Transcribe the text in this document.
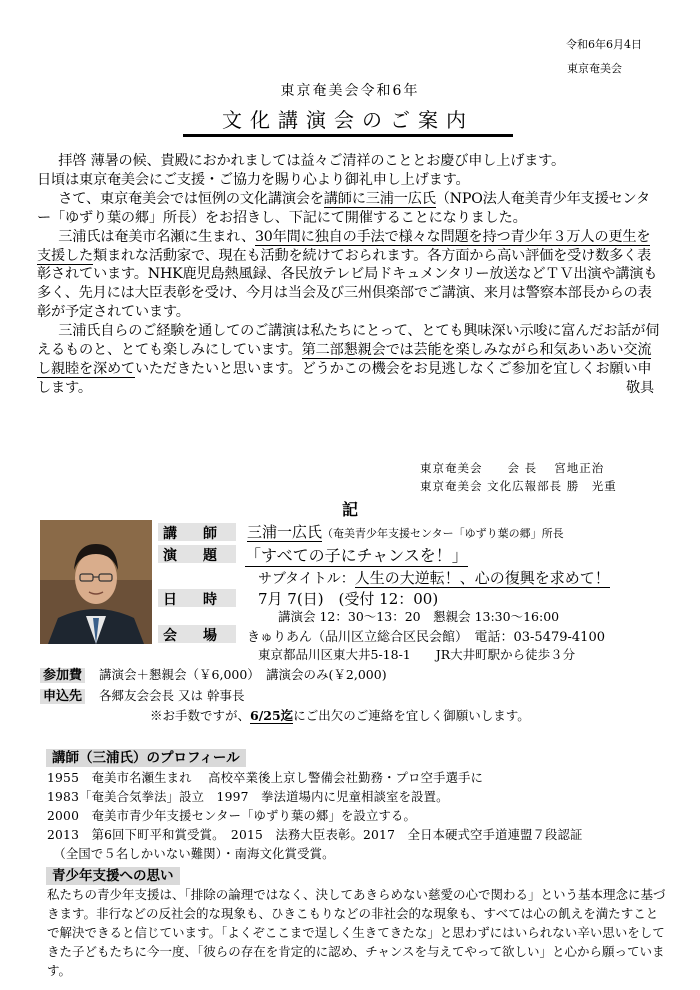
令和6年6月4日
東京奄美会
東京奄美会令和6年
文化講演会のご案内

拝啓 薄暑の候、貴殿におかれましては益々ご清祥のこととお慶び申し上げます。

日頃は東京奄美会にご支援・ご協力を賜り心より御礼申し上げます。

さて、東京奄美会では恒例の文化講演会を講師に三浦一広氏（NPO法人奄美青少年支援センター「ゆずり葉の郷」所長）をお招きし、下記にて開催することになりました。

三浦氏は奄美市名瀬に生まれ、30年間に独自の手法で様々な問題を持つ青少年３万人の更生を支援した類まれな活動家で、現在も活動を続けておられます。各方面から高い評価を受け数多く表彰されています。NHK鹿児島熱風録、各民放テレビ局ドキュメンタリー放送などＴＶ出演や講演も多く、先月には大臣表彰を受け、今月は当会及び三州倶楽部でご講演、来月は警察本部長からの表彰が予定されています。

三浦氏自らのご経験を通してのご講演は私たちにとって、とても興味深い示唆に富んだお話が伺えるものと、とても楽しみにしています。第二部懇親会では芸能を楽しみながら和気あいあい交流し親睦を深めていただきたいと思います。どうかこの機会をお見逃しなくご参加を宜しくお願い申します。	敬具

東京奄美会　　会 長　 宮地正治
東京奄美会 文化広報部長 勝　光重
記
講　師 三浦一広氏（奄美青少年支援センター「ゆずり葉の郷」所長
演　題 「すべての子にチャンスを！」
サブタイトル：人生の大逆転！、心の復興を求めて！
日　時 7月 7(日)　(受付 12：00)
講演会 12：30～13：20　懇親会 13:30～16:00
会　場 きゅりあん（品川区立総合区民会館）　電話：03-5479-4100
東京都品川区東大井5-18-1　　JR大井町駅から徒歩３分
参加費 講演会＋懇親会（￥6,000）　講演会のみ(￥2,000)
申込先 各郷友会会長 又は 幹事長
※お手数ですが、6/25迄にご出欠のご連絡を宜しく御願いします。
講師（三浦氏）のプロフィール
1955　奄美市名瀬生まれ　 高校卒業後上京し警備会社勤務・プロ空手選手に
1983「奄美合気拳法」設立　1997　拳法道場内に児童相談室を設置。
2000　奄美市青少年支援センター「ゆずり葉の郷」を設立する。
2013　第6回下町平和賞受賞。　2015　法務大臣表彰。2017　全日本硬式空手道連盟７段認証
　（全国で５名しかいない難関）・南海文化賞受賞。
青少年支援への思い

私たちの青少年支援は、「排除の論理ではなく、決してあきらめない慈愛の心で関わる」という基本理念に基づきます。非行などの反社会的な現象も、ひきこもりなどの非社会的な現象も、すべては心の飢えを満たすことで解決できると信じています。「よくぞここまで逞しく生きてきたな」と思わずにはいられない辛い思いをしてきた子どもたちに今一度、「彼らの存在を肯定的に認め、チャンスを与えてやって欲しい」と心から願っています。
